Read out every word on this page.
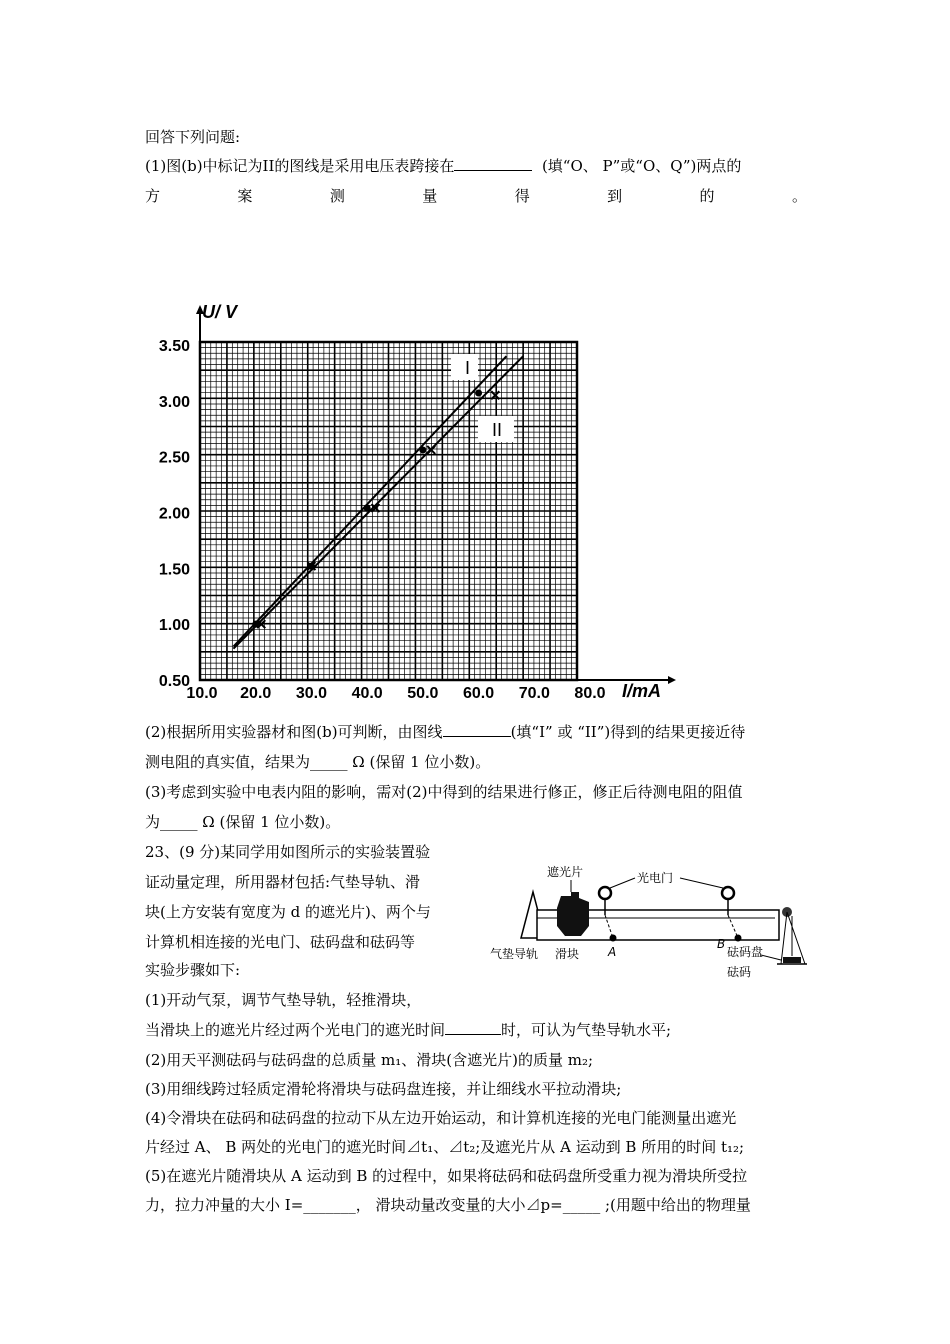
回答下列问题:
(1)图(b)中标记为II的图线是采用电压表跨接在	(填“O、 P”或“O、Q”)两点的
方	案	测	量	得	到	的	。
10.0 20.0 30.0 40.0 50.0 60.0 70.0 80.0
3.50
3.00
2.50
2.00
1.50
1.00
0.50
I
II
U/ V
I/mA
(2)根据所用实验器材和图(b)可判断，由图线	(填“I” 或 “II”)得到的结果更接近待
测电阻的真实值，结果为_____ Ω (保留 1 位小数)。
(3)考虑到实验中电表内阻的影响，需对(2)中得到的结果进行修正，修正后待测电阻的阻值
为_____ Ω (保留 1 位小数)。
23、(9 分)某同学用如图所示的实验装置验
证动量定理，所用器材包括:气垫导轨、滑
块(上方安装有宽度为 d 的遮光片)、两个与
计算机相连接的光电门、砝码盘和砝码等
实验步骤如下:
(1)开动气泵，调节气垫导轨，轻推滑块，
当滑块上的遮光片经过两个光电门的遮光时间	时，可认为气垫导轨水平;
(2)用天平测砝码与砝码盘的总质量 m₁、滑块(含遮光片)的质量 m₂;
(3)用细线跨过轻质定滑轮将滑块与砝码盘连接，并让细线水平拉动滑块;
(4)令滑块在砝码和砝码盘的拉动下从左边开始运动，和计算机连接的光电门能测量出遮光
片经过 A、 B 两处的光电门的遮光时间⊿t₁、⊿t₂;及遮光片从 A 运动到 B 所用的时间 t₁₂;
(5)在遮光片随滑块从 A 运动到 B 的过程中，如果将砝码和砝码盘所受重力视为滑块所受拉
力，拉力冲量的大小 I=_______， 滑块动量改变量的大小⊿p=_____ ;(用题中给出的物理量
遮光片	光电门
气垫导轨 滑块 A
B
砝码盘
砝码
